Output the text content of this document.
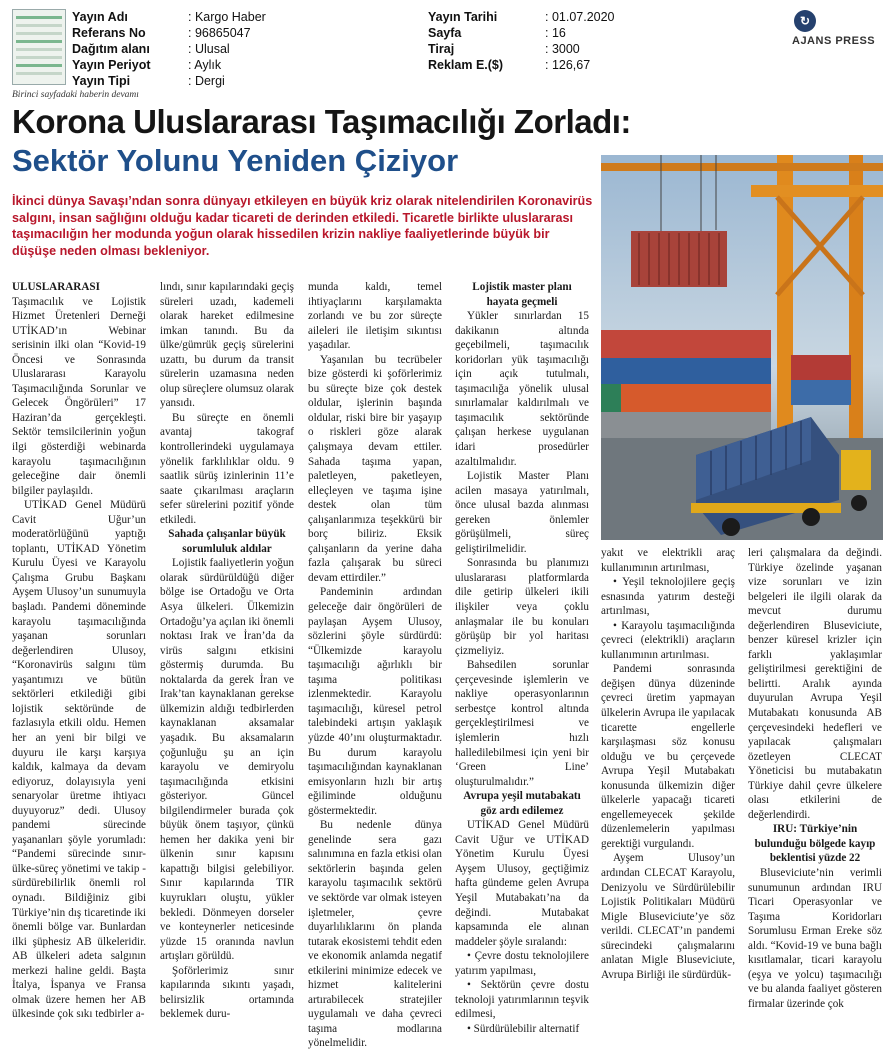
Yayın Adı	: Kargo Haber
Referans No	: 96865047
Dağıtım alanı	: Ulusal
Yayın Periyot	: Aylık
Yayın Tipi	: Dergi
Yayın Tarihi	: 01.07.2020
Sayfa	: 16
Tiraj	: 3000
Reklam E.($)	: 126,67
↻
AJANS PRESS
Birinci sayfadaki haberin devamı
Korona Uluslararası Taşımacılığı Zorladı:
Sektör Yolunu Yeniden Çiziyor
İkinci dünya Savaşı’ndan sonra dünyayı etkileyen en büyük kriz olarak nitelendirilen Koronavirüs salgını, insan sağlığını olduğu kadar ticareti de derinden etkiledi. Ticaretle birlikte uluslararası taşımacılığın her modunda yoğun olarak hissedilen krizin nakliye faaliyetlerinde büyük bir düşüşe neden olması bekleniyor.

ULUSLARARASI Taşımacılık ve Lojistik Hizmet Üretenleri Derneği UTİKAD’ın Webinar serisinin ilki olan “Kovid-19 Öncesi ve Sonrasında Uluslararası Karayolu Taşımacılığında Sorunlar ve Gelecek Öngörüleri” 17 Haziran’da gerçekleşti. Sektör temsilcilerinin yoğun ilgi gösterdiği webinarda karayolu taşımacılığının geleceğine dair önemli bilgiler paylaşıldı.

UTİKAD Genel Müdürü Cavit Uğur’un moderatörlüğünü yaptığı toplantı, UTİKAD Yönetim Kurulu Üyesi ve Karayolu Çalışma Grubu Başkanı Ayşem Ulusoy’un sunumuyla başladı. Pandemi döneminde karayolu taşımacılığında yaşanan sorunları değerlendiren Ulusoy, “Koronavirüs salgını tüm yaşantımızı ve bütün sektörleri etkilediği gibi lojistik sektöründe de fazlasıyla etkili oldu. Hemen her an yeni bir bilgi ve duyuru ile karşı karşıya kaldık, kalmaya da devam ediyoruz, dolayısıyla yeni senaryolar üretme ihtiyacı duyuyoruz” dedi. Ulusoy pandemi sürecinde yaşananları şöyle yorumladı: “Pandemi sürecinde sınır-ülke-süreç yönetimi ve takip -sürdürebilirlik önemli rol oynadı. Bildiğiniz gibi Türkiye’nin dış ticaretinde iki önemli bölge var. Bunlardan ilki şüphesiz AB ülkeleridir. AB ülkeleri adeta salgının merkezi haline geldi. Başta İtalya, İspanya ve Fransa olmak üzere hemen her AB ülkesinde çok sıkı tedbirler a-

lındı, sınır kapılarındaki geçiş süreleri uzadı, kademeli olarak hareket edilmesine imkan tanındı. Bu da ülke/gümrük geçiş sürelerini uzattı, bu durum da transit sürelerin uzamasına neden olup süreçlere olumsuz olarak yansıdı.

Bu süreçte en önemli avantaj takograf kontrollerindeki uygulamaya yönelik farklılıklar oldu. 9 saatlik sürüş izinlerinin 11’e saate çıkarılması araçların sefer sürelerini pozitif yönde etkiledi.

Sahada çalışanlar büyük sorumluluk aldılar

Lojistik faaliyetlerin yoğun olarak sürdürüldüğü diğer bölge ise Ortadoğu ve Orta Asya ülkeleri. Ülkemizin Ortadoğu’ya açılan iki önemli noktası Irak ve İran’da da virüs salgını etkisini göstermiş durumda. Bu noktalarda da gerek İran ve Irak’tan kaynaklanan gerekse ülkemizin aldığı tedbirlerden kaynaklanan aksamalar yaşadık. Bu aksamaların çoğunluğu şu an için karayolu ve demiryolu taşımacılığında etkisini gösteriyor. Güncel bilgilendirmeler burada çok büyük önem taşıyor, çünkü hemen her dakika yeni bir ülkenin sınır kapısını kapattığı bilgisi gelebiliyor. Sınır kapılarında TIR kuyrukları oluştu, yükler bekledi. Dönmeyen dorseler ve konteynerler neticesinde yüzde 15 oranında navlun artışları görüldü.

Şoförlerimiz sınır kapılarında sıkıntı yaşadı, belirsizlik ortamında beklemek duru-

munda kaldı, temel ihtiyaçlarını karşılamakta zorlandı ve bu zor süreçte aileleri ile iletişim sıkıntısı yaşadılar.

Yaşanılan bu tecrübeler bize gösterdi ki şoförlerimiz bu süreçte bize çok destek oldular, işlerinin başında oldular, riski bire bir yaşayıp o riskleri göze alarak çalışmaya devam ettiler. Sahada taşıma yapan, paletleyen, paketleyen, elleçleyen ve taşıma işine destek olan tüm çalışanlarımıza teşekkürü bir borç biliriz. Eksik çalışanların da yerine daha fazla çalışarak bu süreci devam ettirdiler.”

Pandeminin ardından geleceğe dair öngörüleri de paylaşan Ayşem Ulusoy, sözlerini şöyle sürdürdü: “Ülkemizde karayolu taşımacılığı ağırlıklı bir taşıma politikası izlenmektedir. Karayolu taşımacılığı, küresel petrol talebindeki artışın yaklaşık yüzde 40’ını oluşturmaktadır. Bu durum karayolu taşımacılığından kaynaklanan emisyonların hızlı bir artış eğiliminde olduğunu göstermektedir.

Bu nedenle dünya genelinde sera gazı salınımına en fazla etkisi olan sektörlerin başında gelen karayolu taşımacılık sektörü ve sektörde var olmak isteyen işletmeler, çevre duyarlılıklarını ön planda tutarak ekosistemi tehdit eden ve ekonomik anlamda negatif etkilerini minimize edecek ve hizmet kalitelerini artırabilecek stratejiler uygulamalı ve daha çevreci taşıma modlarına yönelmelidir.

Lojistik master planı hayata geçmeli

Yükler sınırlardan 15 dakikanın altında geçebilmeli, taşımacılık koridorları yük taşımacılığı için açık tutulmalı, taşımacılığa yönelik ulusal sınırlamalar kaldırılmalı ve taşımacılık sektöründe çalışan herkese uygulanan idari prosedürler azaltılmalıdır.

Lojistik Master Planı acilen masaya yatırılmalı, önce ulusal bazda alınması gereken önlemler görüşülmeli, süreç geliştirilmelidir.

Sonrasında bu planımızı uluslararası platformlarda dile getirip ülkeleri ikili ilişkiler veya çoklu anlaşmalar ile bu konuları görüşüp bir yol haritası çizmeliyiz.

Bahsedilen sorunlar çerçevesinde işlemlerin ve nakliye operasyonlarının serbestçe kontrol altında gerçekleştirilmesi ve işlemlerin hızlı halledilebilmesi için yeni bir ‘Green Line’ oluşturulmalıdır.”

Avrupa yeşil mutabakatı göz ardı edilemez

UTİKAD Genel Müdürü Cavit Uğur ve UTİKAD Yönetim Kurulu Üyesi Ayşem Ulusoy, geçtiğimiz hafta gündeme gelen Avrupa Yeşil Mutabakatı’na da değindi. Mutabakat kapsamında ele alınan maddeler şöyle sıralandı:

• Çevre dostu teknolojilere yatırım yapılması,

• Sektörün çevre dostu teknoloji yatırımlarının teşvik edilmesi,

• Sürdürülebilir alternatif

yakıt ve elektrikli araç kullanımının artırılması,

• Yeşil teknolojilere geçiş esnasında yatırım desteği artırılması,

• Karayolu taşımacılığında çevreci (elektrikli) araçların kullanımının artırılması.

Pandemi sonrasında değişen dünya düzeninde çevreci üretim yapmayan ülkelerin Avrupa ile yapılacak ticarette engellerle karşılaşması söz konusu olduğu ve bu çerçevede Avrupa Yeşil Mutabakatı konusunda ülkemizin diğer ülkelerle yapacağı ticareti engellemeyecek şekilde düzenlemelerin yapılması gerektiği vurgulandı.

Ayşem Ulusoy’un ardından CLECAT Karayolu, Denizyolu ve Sürdürülebilir Lojistik Politikaları Müdürü Migle Bluseviciute’ye söz verildi. CLECAT’ın pandemi sürecindeki çalışmalarını anlatan Migle Bluseviciute, Avrupa Birliği ile sürdürdük-

leri çalışmalara da değindi. Türkiye özelinde yaşanan vize sorunları ve izin belgeleri ile ilgili olarak da mevcut durumu değerlendiren Bluseviciute, benzer küresel krizler için farklı yaklaşımlar geliştirilmesi gerektiğini de belirtti. Aralık ayında duyurulan Avrupa Yeşil Mutabakatı konusunda AB çerçevesindeki hedefleri ve yapılacak çalışmaları özetleyen CLECAT Yöneticisi bu mutabakatın Türkiye dahil çevre ülkelere olası etkilerini de değerlendirdi.

IRU: Türkiye’nin bulunduğu bölgede kayıp beklentisi yüzde 22

Bluseviciute’nin verimli sunumunun ardından IRU Ticari Operasyonlar ve Taşıma Koridorları Sorumlusu Erman Ereke söz aldı. “Kovid-19 ve buna bağlı kısıtlamalar, ticari karayolu (eşya ve yolcu) taşımacılığı ve bu alanda faaliyet gösteren firmalar üzerinde çok
